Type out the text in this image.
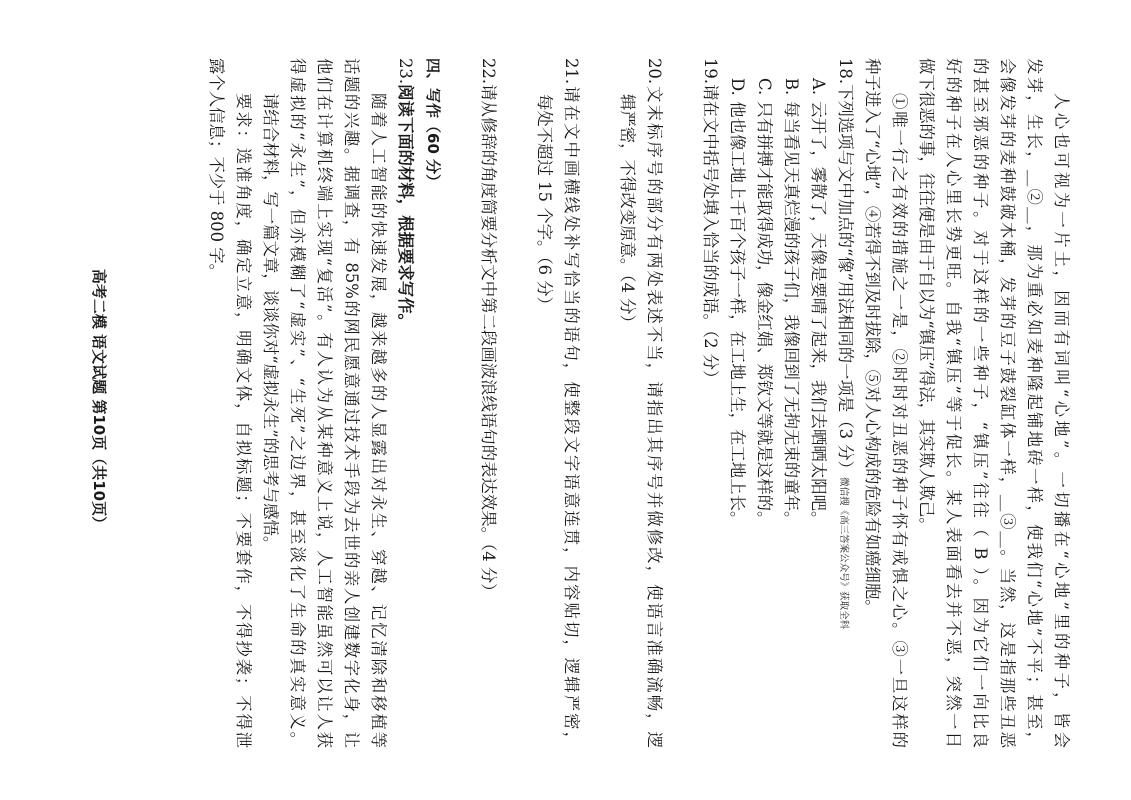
人心也可视为一片土，因而有词叫“心地”。一切播在“心地”里的种子，皆会
发芽，生长，＿②＿，那为重必如麦种隆起铺地砖一样，使我们“心地”不平；甚至，
会像发芽的麦种鼓破木桶，发芽的豆子鼓裂缸体一样，＿③＿。当然，这是指那些丑恶
的甚至邪恶的种子。对于这样的一些种子，“镇压”往往（ B ）。因为它们一向比良
好的种子在人心里长势更旺。自我“镇压”等于促长。某人表面看去并不恶，突然一日
做下很恶的事，往往便是由于自以为“镇压”得法，其实欺人欺己。
①唯一行之有效的措施之一是，②时时对丑恶的种子怀有戒惧之心。③一旦这样的
种子进入了“心地”，④若得不到及时拔除，⑤对人心构成的危险有如癌细胞。
18.下列选项与文中加点的“像”用法相同的一项是（3 分）微信搜《高三答案公众号》获取全科
A. 云开了，雾散了，天像是要晴了起来，我们去晒晒太阳吧。
B. 每当看见天真烂漫的孩子们，我像回到了无拘无束的童年。
C. 只有拼搏才能取得成功，像金红娟、郑钦文等就是这样的。
D. 他也像工地上千百个孩子一样，在工地上生，在工地上长。
19.请在文中括号处填入恰当的成语。（2 分）
20.文末标序号的部分有两处表述不当，请指出其序号并做修改，使语言准确流畅，逻
辑严密，不得改变原意。（4 分）
21.请在文中画横线处补写恰当的语句，使整段文字语意连贯，内容贴切，逻辑严密，
每处不超过 15 个字。（6 分）
22.请从修辞的角度简要分析文中第二段画波浪线语句的表达效果。（4 分）
四、写作（60 分）
23.阅读下面的材料，根据要求写作。
随着人工智能的快速发展，越来越多的人显露出对永生、穿越、记忆清除和移植等
话题的兴趣。据调查，有 85%的网民愿意通过技术手段为去世的亲人创建数字化身，让
他们在计算机终端上实现“复活”。有人认为从某种意义上说，人工智能虽然可以让人获
得虚拟的“永生”，但亦模糊了“虚实”、“生死”之边界，甚至淡化了生命的真实意义。
请结合材料，写一篇文章，谈谈你对“虚拟永生”的思考与感悟。
要求：选准角度，确定立意，明确文体，自拟标题；不要套作，不得抄袭；不得泄
露个人信息；不少于 800 字。
高考二模 语文试题 第10页（共10页）
